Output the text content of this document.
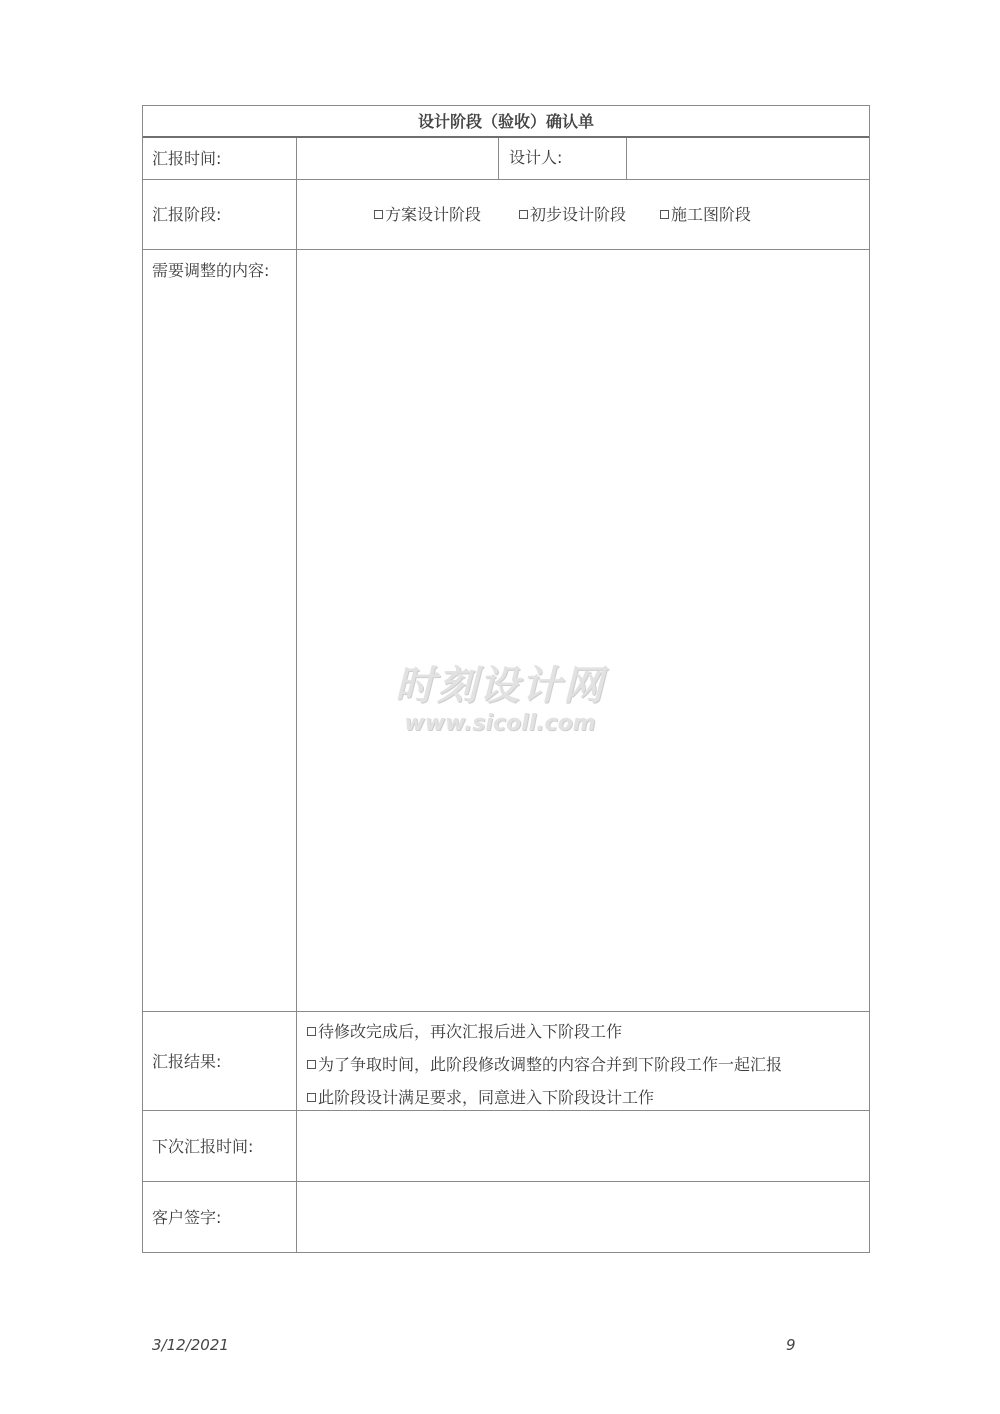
设计阶段（验收）确认单
汇报时间:	设计人:
汇报阶段:	方案设计阶段	初步设计阶段	施工图阶段
需要调整的内容:
汇报结果:
待修改完成后，再次汇报后进入下阶段工作
为了争取时间，此阶段修改调整的内容合并到下阶段工作一起汇报
此阶段设计满足要求，同意进入下阶段设计工作
下次汇报时间:
客户签字:
时刻设计网
www.sicoll.com
3/12/2021	9
